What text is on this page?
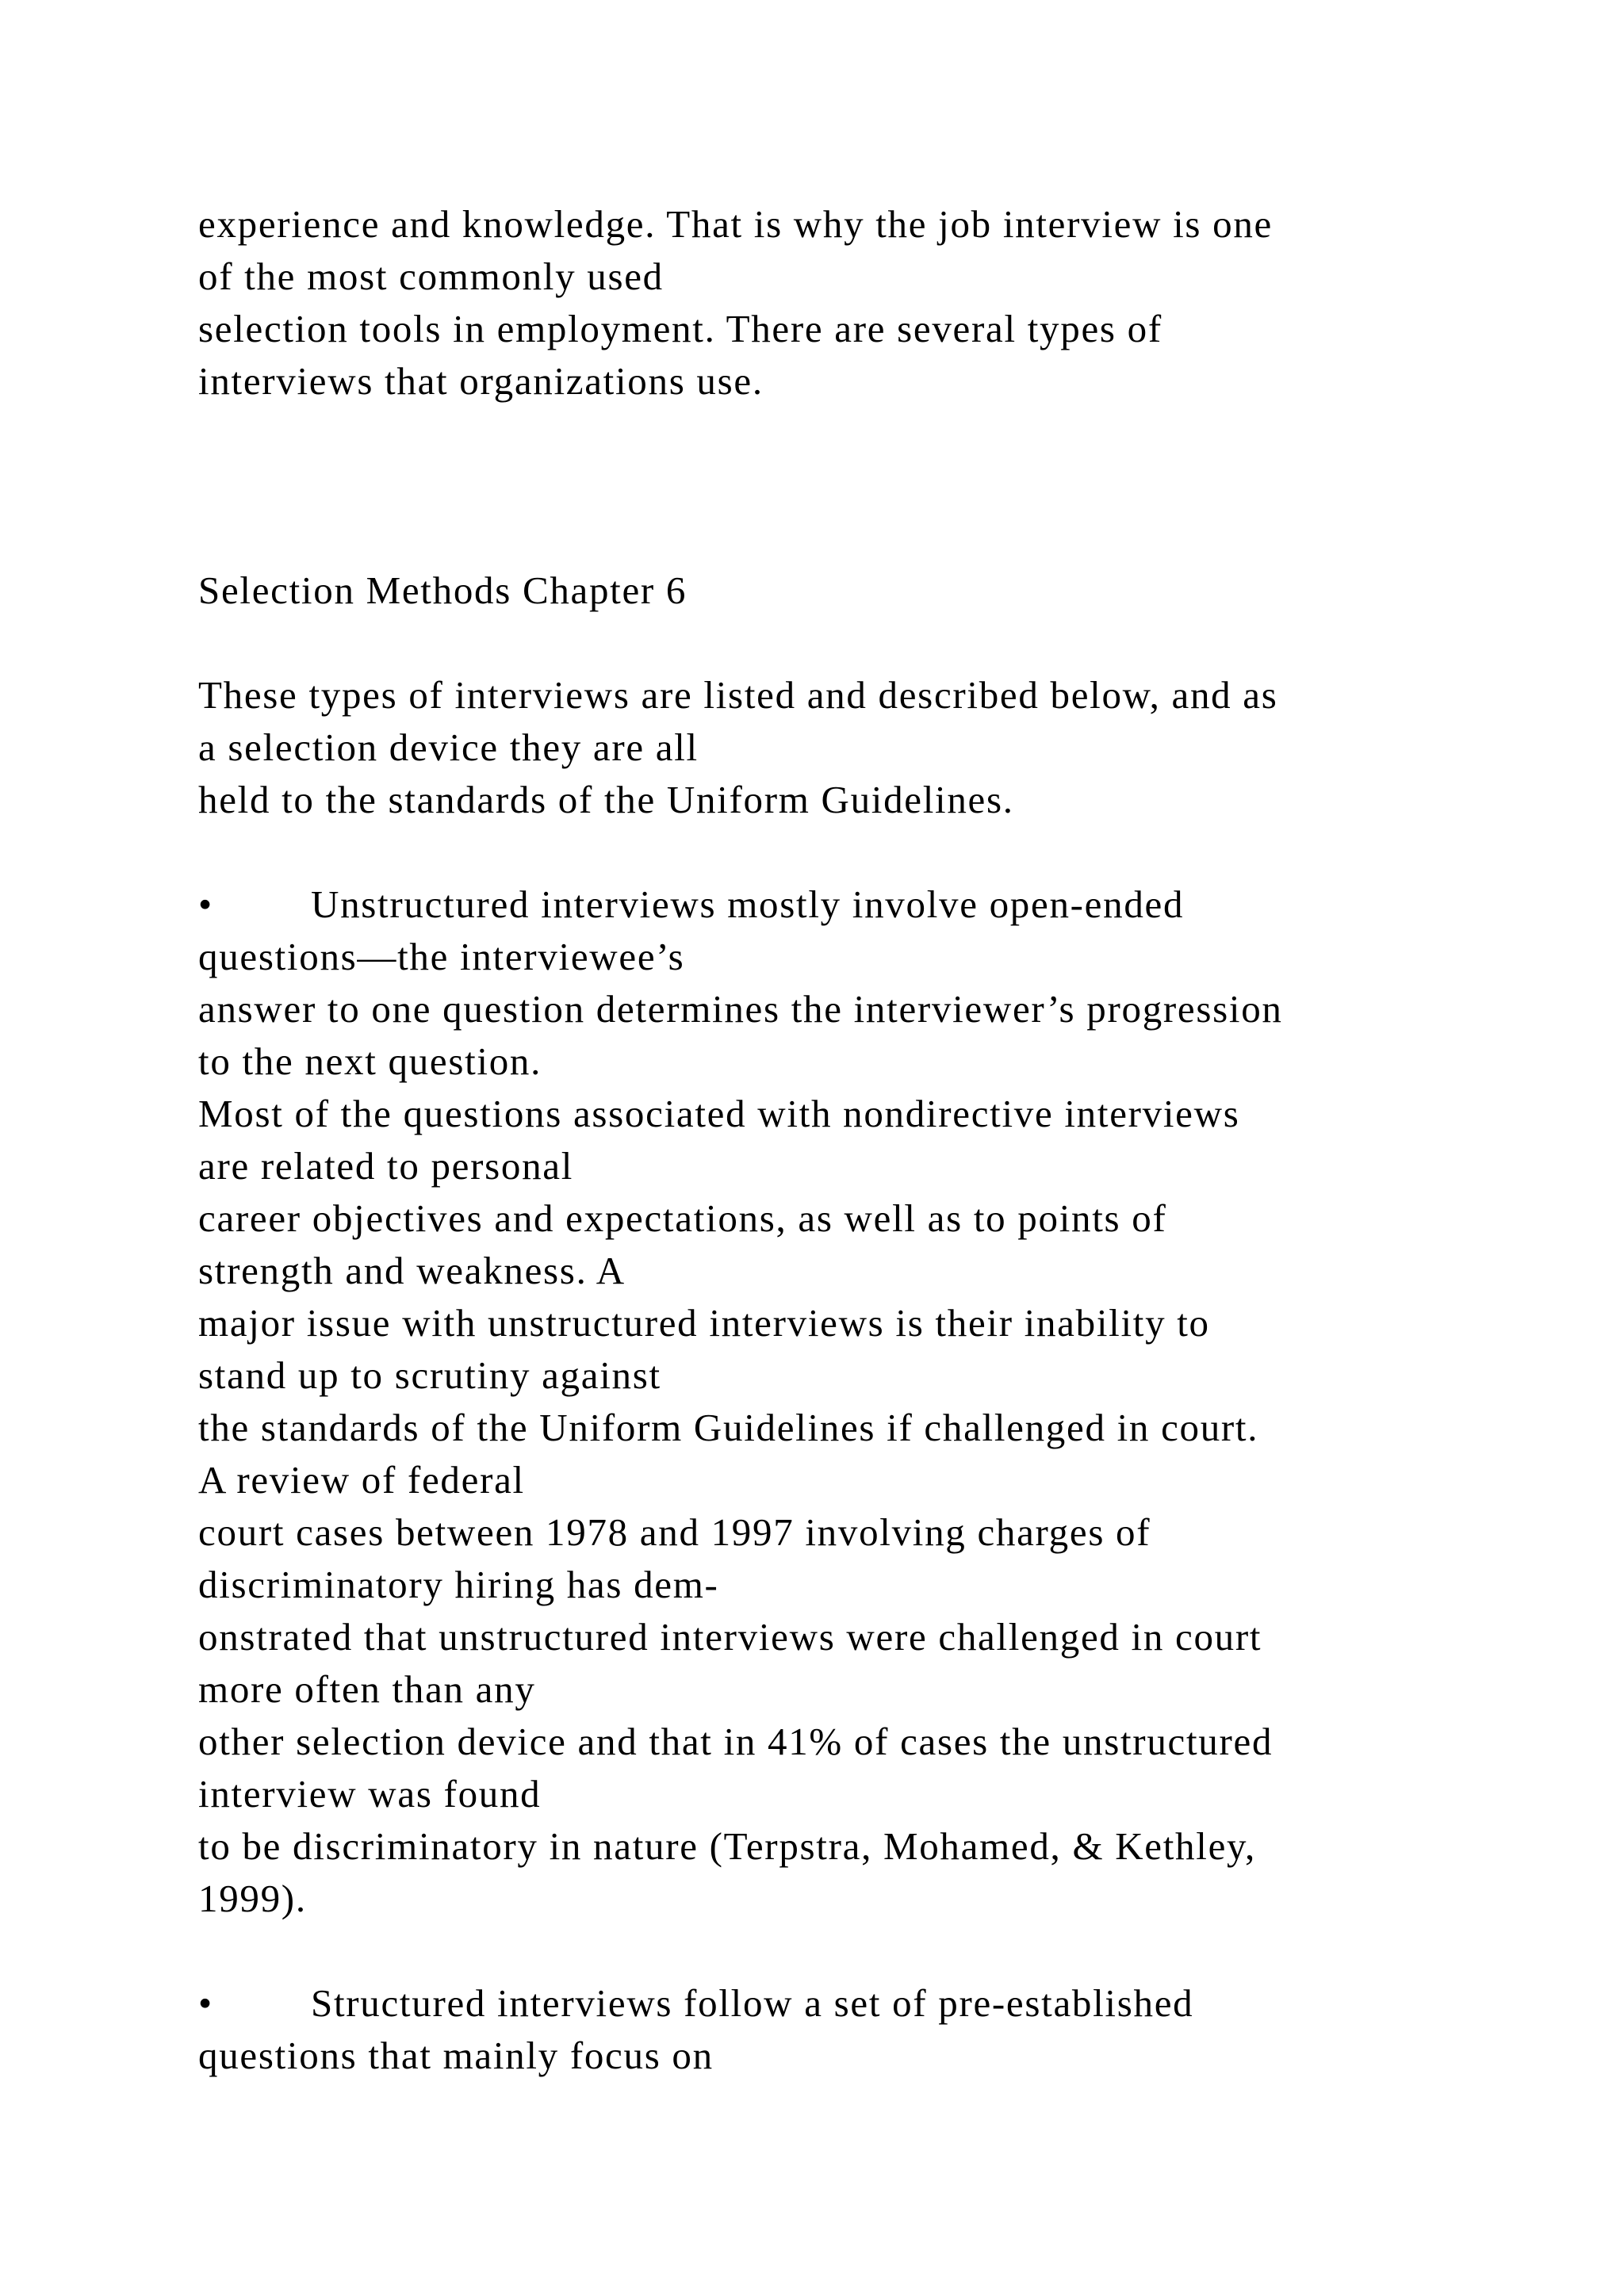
experience and knowledge. That is why the job interview is one
of the most commonly used
selection tools in employment. There are several types of
interviews that organizations use.
Selection Methods Chapter 6
These types of interviews are listed and described below, and as
a selection device they are all
held to the standards of the Uniform Guidelines.
•	Unstructured interviews mostly involve open-ended
questions—the interviewee’s
answer to one question determines the interviewer’s progression
to the next question.
Most of the questions associated with nondirective interviews
are related to personal
career objectives and expectations, as well as to points of
strength and weakness. A
major issue with unstructured interviews is their inability to
stand up to scrutiny against
the standards of the Uniform Guidelines if challenged in court.
A review of federal
court cases between 1978 and 1997 involving charges of
discriminatory hiring has dem-
onstrated that unstructured interviews were challenged in court
more often than any
other selection device and that in 41% of cases the unstructured
interview was found
to be discriminatory in nature (Terpstra, Mohamed, & Kethley,
1999).
•	Structured interviews follow a set of pre-established
questions that mainly focus on
